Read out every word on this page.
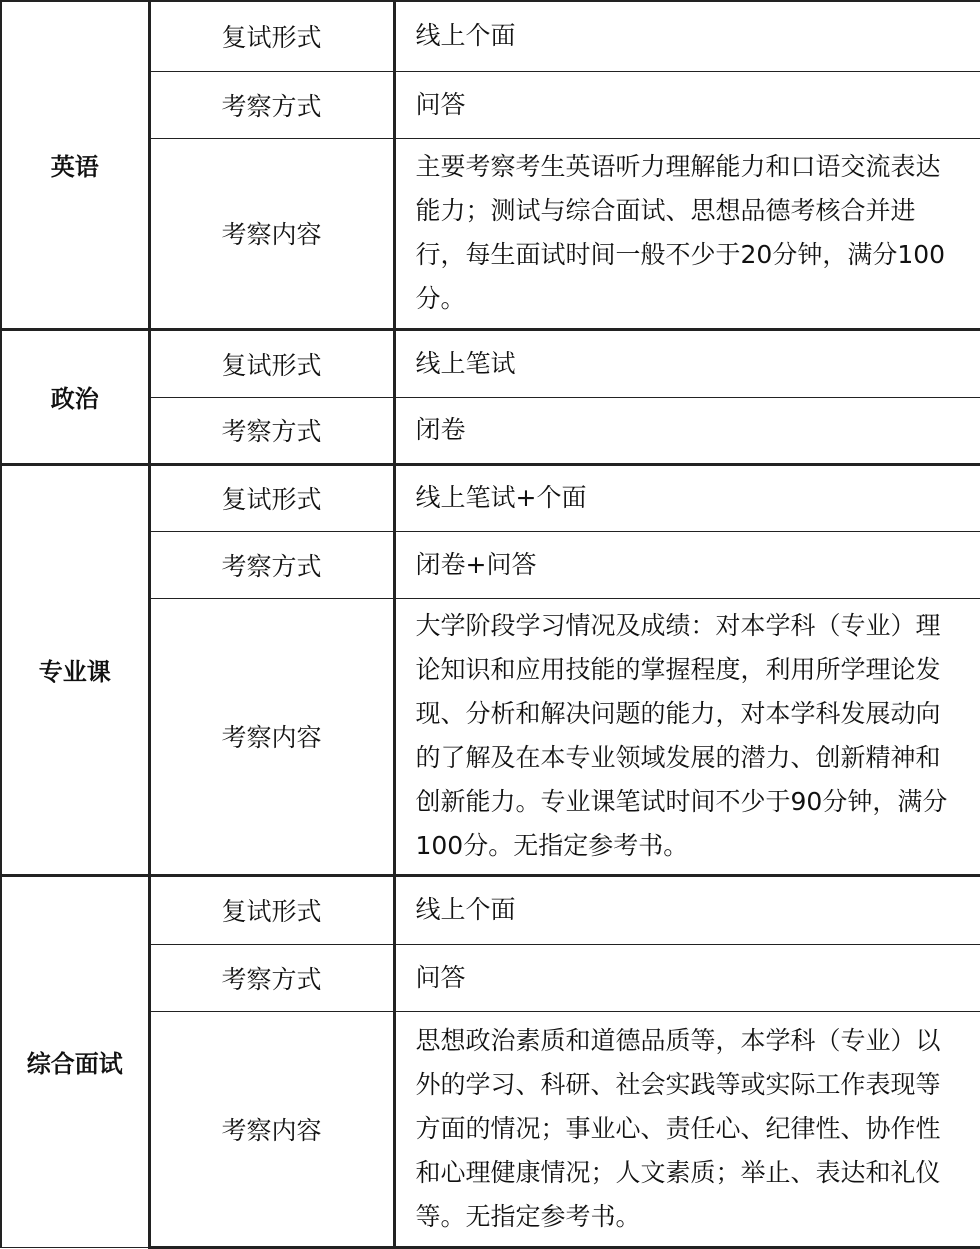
英语	复试形式	线上个面
	考察方式	问答
	考察内容	主要考察考生英语听力理解能力和口语交流表达能力；测试与综合面试、思想品德考核合并进行，每生面试时间一般不少于20分钟，满分100分。
政治	复试形式	线上笔试
	考察方式	闭卷
专业课	复试形式	线上笔试+个面
	考察方式	闭卷+问答
	考察内容	大学阶段学习情况及成绩：对本学科（专业）理论知识和应用技能的掌握程度，利用所学理论发现、分析和解决问题的能力，对本学科发展动向的了解及在本专业领域发展的潜力、创新精神和创新能力。专业课笔试时间不少于90分钟，满分100分。无指定参考书。
综合面试	复试形式	线上个面
	考察方式	问答
	考察内容	思想政治素质和道德品质等，本学科（专业）以外的学习、科研、社会实践等或实际工作表现等方面的情况；事业心、责任心、纪律性、协作性和心理健康情况；人文素质；举止、表达和礼仪等。无指定参考书。
